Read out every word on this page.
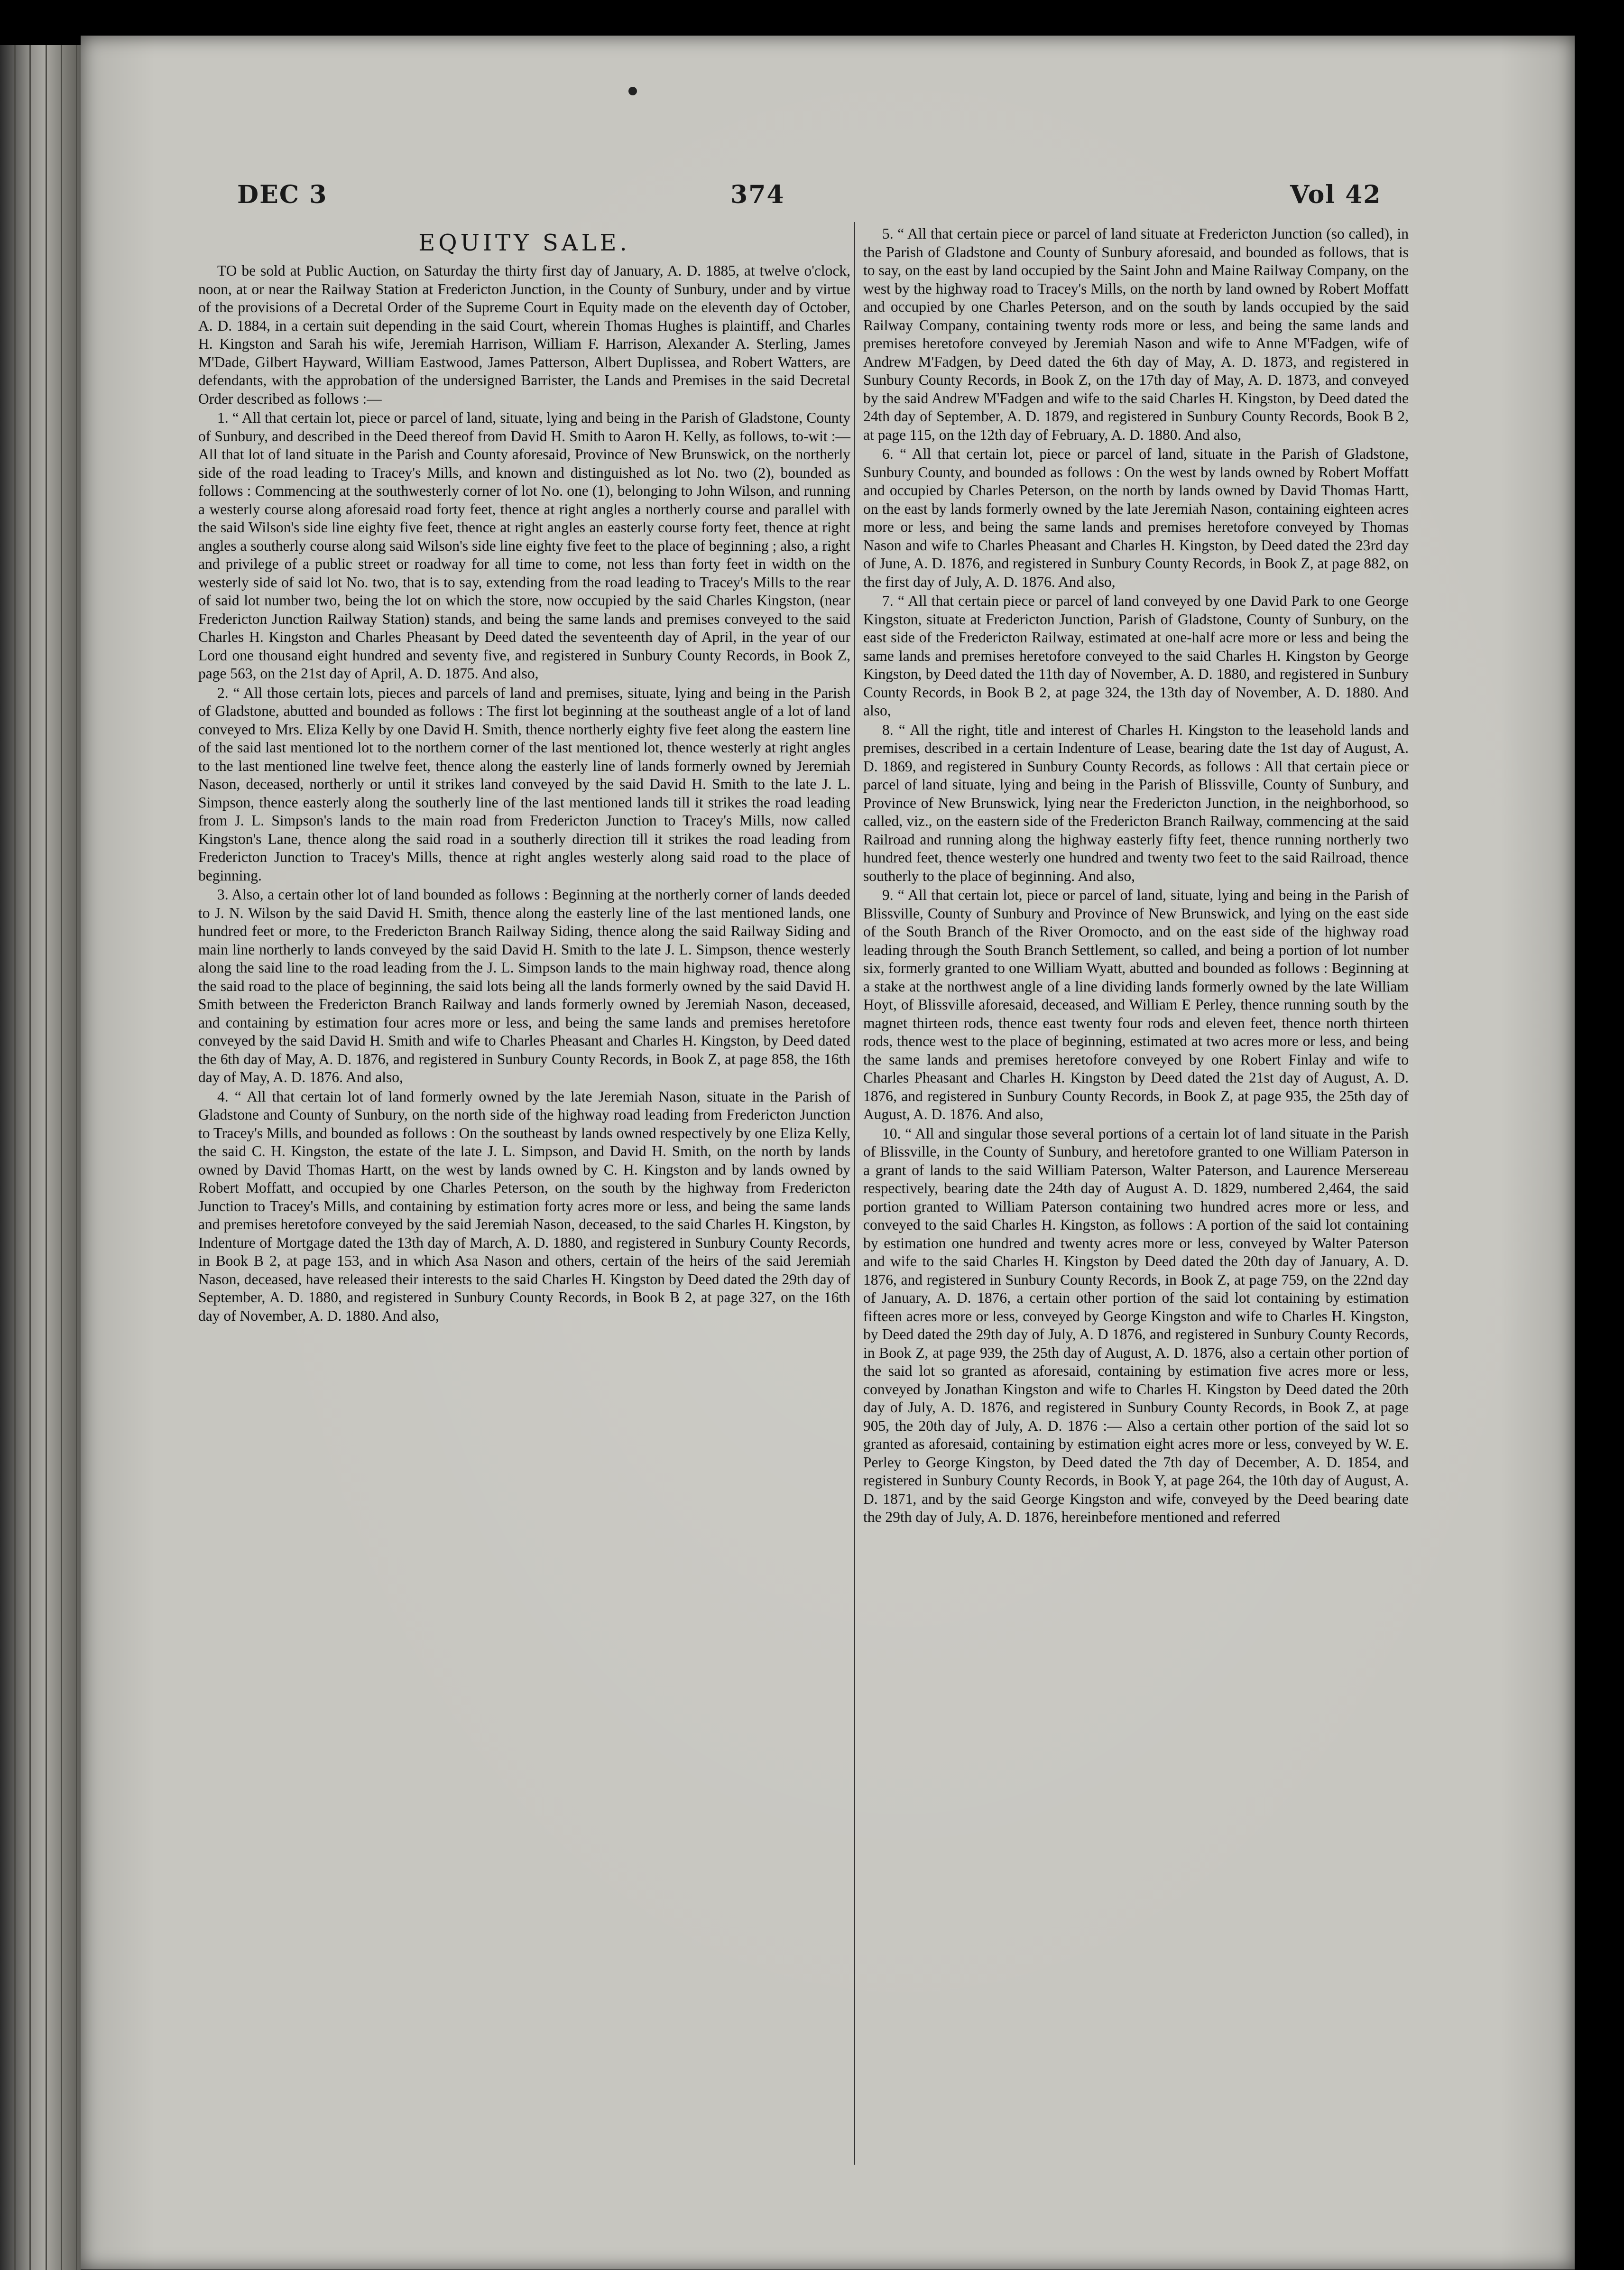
DEC 3	374	Vol 42
EQUITY SALE.

TO be sold at Public Auction, on Saturday the thirty first day of January, A. D. 1885, at twelve o'clock, noon, at or near the Railway Station at Fredericton Junction, in the County of Sunbury, under and by virtue of the provisions of a Decretal Order of the Supreme Court in Equity made on the eleventh day of October, A. D. 1884, in a certain suit depending in the said Court, wherein Thomas Hughes is plaintiff, and Charles H. Kingston and Sarah his wife, Jeremiah Harrison, William F. Harrison, Alexander A. Sterling, James M'Dade, Gilbert Hayward, William Eastwood, James Patterson, Albert Duplissea, and Robert Watters, are defendants, with the approbation of the undersigned Barrister, the Lands and Premises in the said Decretal Order described as follows :—

1. “ All that certain lot, piece or parcel of land, situate, lying and being in the Parish of Gladstone, County of Sunbury, and described in the Deed thereof from David H. Smith to Aaron H. Kelly, as follows, to-wit :—All that lot of land situate in the Parish and County aforesaid, Province of New Brunswick, on the northerly side of the road leading to Tracey's Mills, and known and distinguished as lot No. two (2), bounded as follows : Commencing at the southwesterly corner of lot No. one (1), belonging to John Wilson, and running a westerly course along aforesaid road forty feet, thence at right angles a northerly course and parallel with the said Wilson's side line eighty five feet, thence at right angles an easterly course forty feet, thence at right angles a southerly course along said Wilson's side line eighty five feet to the place of beginning ; also, a right and privilege of a public street or roadway for all time to come, not less than forty feet in width on the westerly side of said lot No. two, that is to say, extending from the road leading to Tracey's Mills to the rear of said lot number two, being the lot on which the store, now occupied by the said Charles Kingston, (near Fredericton Junction Railway Station) stands, and being the same lands and premises conveyed to the said Charles H. Kingston and Charles Pheasant by Deed dated the seventeenth day of April, in the year of our Lord one thousand eight hundred and seventy five, and registered in Sunbury County Records, in Book Z, page 563, on the 21st day of April, A. D. 1875. And also,

2. “ All those certain lots, pieces and parcels of land and premises, situate, lying and being in the Parish of Gladstone, abutted and bounded as follows : The first lot beginning at the southeast angle of a lot of land conveyed to Mrs. Eliza Kelly by one David H. Smith, thence northerly eighty five feet along the eastern line of the said last mentioned lot to the northern corner of the last mentioned lot, thence westerly at right angles to the last mentioned line twelve feet, thence along the easterly line of lands formerly owned by Jeremiah Nason, deceased, northerly or until it strikes land conveyed by the said David H. Smith to the late J. L. Simpson, thence easterly along the southerly line of the last mentioned lands till it strikes the road leading from J. L. Simpson's lands to the main road from Fredericton Junction to Tracey's Mills, now called Kingston's Lane, thence along the said road in a southerly direction till it strikes the road leading from Fredericton Junction to Tracey's Mills, thence at right angles westerly along said road to the place of beginning.

3. Also, a certain other lot of land bounded as follows : Beginning at the northerly corner of lands deeded to J. N. Wilson by the said David H. Smith, thence along the easterly line of the last mentioned lands, one hundred feet or more, to the Fredericton Branch Railway Siding, thence along the said Railway Siding and main line northerly to lands conveyed by the said David H. Smith to the late J. L. Simpson, thence westerly along the said line to the road leading from the J. L. Simpson lands to the main highway road, thence along the said road to the place of beginning, the said lots being all the lands formerly owned by the said David H. Smith between the Fredericton Branch Railway and lands formerly owned by Jeremiah Nason, deceased, and containing by estimation four acres more or less, and being the same lands and premises heretofore conveyed by the said David H. Smith and wife to Charles Pheasant and Charles H. Kingston, by Deed dated the 6th day of May, A. D. 1876, and registered in Sunbury County Records, in Book Z, at page 858, the 16th day of May, A. D. 1876. And also,

4. “ All that certain lot of land formerly owned by the late Jeremiah Nason, situate in the Parish of Gladstone and County of Sunbury, on the north side of the highway road leading from Fredericton Junction to Tracey's Mills, and bounded as follows : On the southeast by lands owned respectively by one Eliza Kelly, the said C. H. Kingston, the estate of the late J. L. Simpson, and David H. Smith, on the north by lands owned by David Thomas Hartt, on the west by lands owned by C. H. Kingston and by lands owned by Robert Moffatt, and occupied by one Charles Peterson, on the south by the highway from Fredericton Junction to Tracey's Mills, and containing by estimation forty acres more or less, and being the same lands and premises heretofore conveyed by the said Jeremiah Nason, deceased, to the said Charles H. Kingston, by Indenture of Mortgage dated the 13th day of March, A. D. 1880, and registered in Sunbury County Records, in Book B 2, at page 153, and in which Asa Nason and others, certain of the heirs of the said Jeremiah Nason, deceased, have released their interests to the said Charles H. Kingston by Deed dated the 29th day of September, A. D. 1880, and registered in Sunbury County Records, in Book B 2, at page 327, on the 16th day of November, A. D. 1880. And also,

5. “ All that certain piece or parcel of land situate at Fredericton Junction (so called), in the Parish of Gladstone and County of Sunbury aforesaid, and bounded as follows, that is to say, on the east by land occupied by the Saint John and Maine Railway Company, on the west by the highway road to Tracey's Mills, on the north by land owned by Robert Moffatt and occupied by one Charles Peterson, and on the south by lands occupied by the said Railway Company, containing twenty rods more or less, and being the same lands and premises heretofore conveyed by Jeremiah Nason and wife to Anne M'Fadgen, wife of Andrew M'Fadgen, by Deed dated the 6th day of May, A. D. 1873, and registered in Sunbury County Records, in Book Z, on the 17th day of May, A. D. 1873, and conveyed by the said Andrew M'Fadgen and wife to the said Charles H. Kingston, by Deed dated the 24th day of September, A. D. 1879, and registered in Sunbury County Records, Book B 2, at page 115, on the 12th day of February, A. D. 1880. And also,

6. “ All that certain lot, piece or parcel of land, situate in the Parish of Gladstone, Sunbury County, and bounded as follows : On the west by lands owned by Robert Moffatt and occupied by Charles Peterson, on the north by lands owned by David Thomas Hartt, on the east by lands formerly owned by the late Jeremiah Nason, containing eighteen acres more or less, and being the same lands and premises heretofore conveyed by Thomas Nason and wife to Charles Pheasant and Charles H. Kingston, by Deed dated the 23rd day of June, A. D. 1876, and registered in Sunbury County Records, in Book Z, at page 882, on the first day of July, A. D. 1876. And also,

7. “ All that certain piece or parcel of land conveyed by one David Park to one George Kingston, situate at Fredericton Junction, Parish of Gladstone, County of Sunbury, on the east side of the Fredericton Railway, estimated at one-half acre more or less and being the same lands and premises heretofore conveyed to the said Charles H. Kingston by George Kingston, by Deed dated the 11th day of November, A. D. 1880, and registered in Sunbury County Records, in Book B 2, at page 324, the 13th day of November, A. D. 1880. And also,

8. “ All the right, title and interest of Charles H. Kingston to the leasehold lands and premises, described in a certain Indenture of Lease, bearing date the 1st day of August, A. D. 1869, and registered in Sunbury County Records, as follows : All that certain piece or parcel of land situate, lying and being in the Parish of Blissville, County of Sunbury, and Province of New Brunswick, lying near the Fredericton Junction, in the neighborhood, so called, viz., on the eastern side of the Fredericton Branch Railway, commencing at the said Railroad and running along the highway easterly fifty feet, thence running northerly two hundred feet, thence westerly one hundred and twenty two feet to the said Railroad, thence southerly to the place of beginning. And also,

9. “ All that certain lot, piece or parcel of land, situate, lying and being in the Parish of Blissville, County of Sunbury and Province of New Brunswick, and lying on the east side of the South Branch of the River Oromocto, and on the east side of the highway road leading through the South Branch Settlement, so called, and being a portion of lot number six, formerly granted to one William Wyatt, abutted and bounded as follows : Beginning at a stake at the northwest angle of a line dividing lands formerly owned by the late William Hoyt, of Blissville aforesaid, deceased, and William E Perley, thence running south by the magnet thirteen rods, thence east twenty four rods and eleven feet, thence north thirteen rods, thence west to the place of beginning, estimated at two acres more or less, and being the same lands and premises heretofore conveyed by one Robert Finlay and wife to Charles Pheasant and Charles H. Kingston by Deed dated the 21st day of August, A. D. 1876, and registered in Sunbury County Records, in Book Z, at page 935, the 25th day of August, A. D. 1876. And also,

10. “ All and singular those several portions of a certain lot of land situate in the Parish of Blissville, in the County of Sunbury, and heretofore granted to one William Paterson in a grant of lands to the said William Paterson, Walter Paterson, and Laurence Mersereau respectively, bearing date the 24th day of August A. D. 1829, numbered 2,464, the said portion granted to William Paterson containing two hundred acres more or less, and conveyed to the said Charles H. Kingston, as follows : A portion of the said lot containing by estimation one hundred and twenty acres more or less, conveyed by Walter Paterson and wife to the said Charles H. Kingston by Deed dated the 20th day of January, A. D. 1876, and registered in Sunbury County Records, in Book Z, at page 759, on the 22nd day of January, A. D. 1876, a certain other portion of the said lot containing by estimation fifteen acres more or less, conveyed by George Kingston and wife to Charles H. Kingston, by Deed dated the 29th day of July, A. D 1876, and registered in Sunbury County Records, in Book Z, at page 939, the 25th day of August, A. D. 1876, also a certain other portion of the said lot so granted as aforesaid, containing by estimation five acres more or less, conveyed by Jonathan Kingston and wife to Charles H. Kingston by Deed dated the 20th day of July, A. D. 1876, and registered in Sunbury County Records, in Book Z, at page 905, the 20th day of July, A. D. 1876 :— Also a certain other portion of the said lot so granted as aforesaid, containing by estimation eight acres more or less, conveyed by W. E. Perley to George Kingston, by Deed dated the 7th day of December, A. D. 1854, and registered in Sunbury County Records, in Book Y, at page 264, the 10th day of August, A. D. 1871, and by the said George Kingston and wife, conveyed by the Deed bearing date the 29th day of July, A. D. 1876, hereinbefore mentioned and referred
